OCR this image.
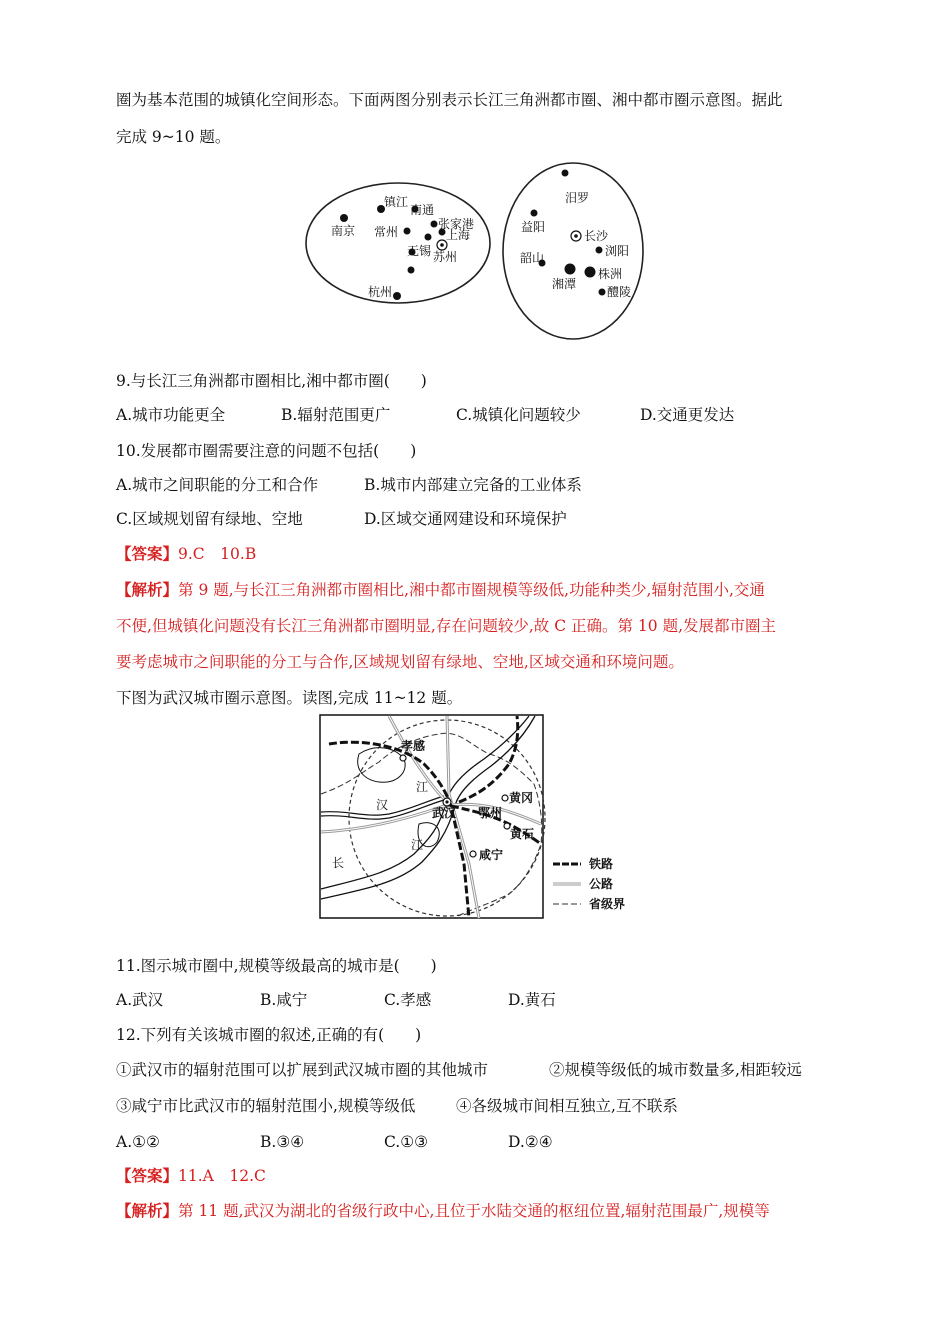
圈为基本范围的城镇化空间形态。下面两图分别表示长江三角洲都市圈、湘中都市圈示意图。据此
完成 9~10 题。
镇江
南通
南京 常州
张家港
上海
无锡 苏州
杭州
汨罗
益阳
长沙
浏阳
韶山
湘潭
株洲
醴陵
9.与长江三角洲都市圈相比,湘中都市圈(　　)
A.城市功能更全	B.辐射范围更广	C.城镇化问题较少	D.交通更发达
10.发展都市圈需要注意的问题不包括(　　)
A.城市之间职能的分工和合作	B.城市内部建立完备的工业体系
C.区域规划留有绿地、空地	D.区域交通网建设和环境保护
【答案】9.C　10.B
【解析】第 9 题,与长江三角洲都市圈相比,湘中都市圈规模等级低,功能种类少,辐射范围小,交通
不便,但城镇化问题没有长江三角洲都市圈明显,存在问题较少,故 C 正确。第 10 题,发展都市圈主
要考虑城市之间职能的分工与合作,区域规划留有绿地、空地,区域交通和环境问题。
下图为武汉城市圈示意图。读图,完成 11~12 题。
孝感
武汉
黄冈
鄂州
黄石
咸宁
汉
江
江
长	铁路
公路
省级界
11.图示城市圈中,规模等级最高的城市是(　　)
A.武汉	B.咸宁	C.孝感	D.黄石
12.下列有关该城市圈的叙述,正确的有(　　)
①武汉市的辐射范围可以扩展到武汉城市圈的其他城市	②规模等级低的城市数量多,相距较远
③咸宁市比武汉市的辐射范围小,规模等级低	④各级城市间相互独立,互不联系
A.①②	B.③④	C.①③	D.②④
【答案】11.A　12.C
【解析】第 11 题,武汉为湖北的省级行政中心,且位于水陆交通的枢纽位置,辐射范围最广,规模等
